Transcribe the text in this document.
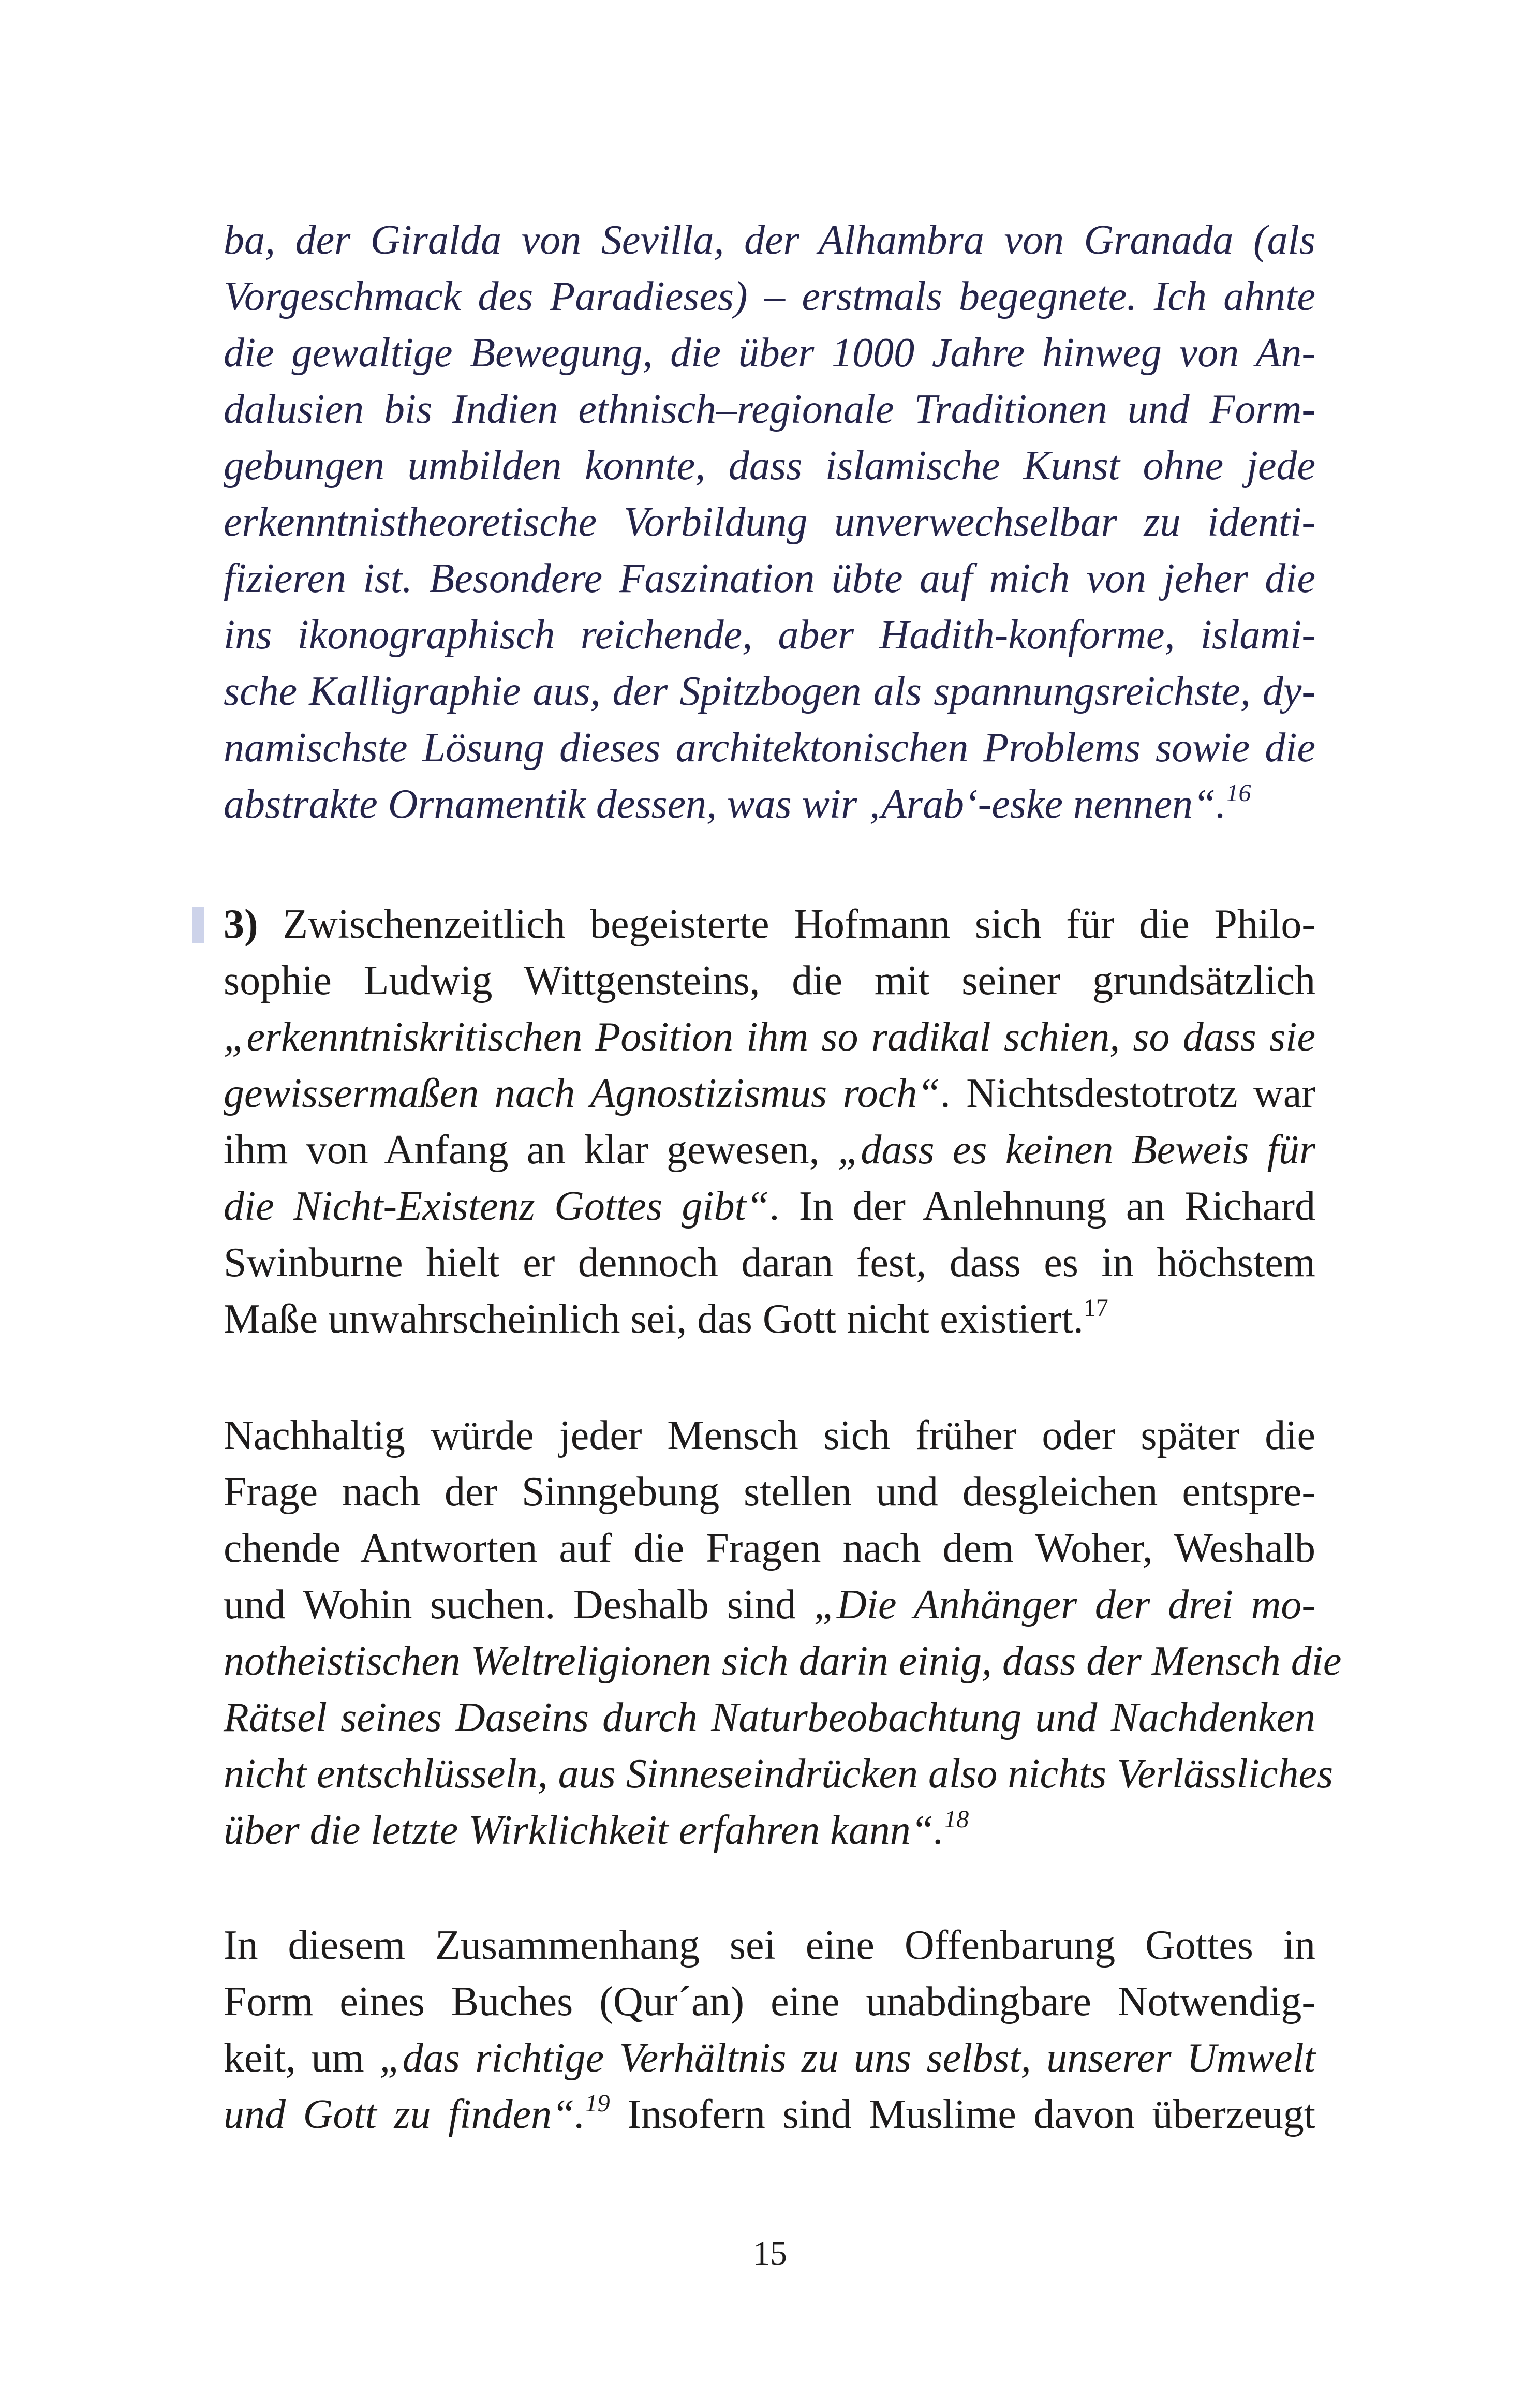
ba, der Giralda von Sevilla, der Alhambra von Granada (als
Vorgeschmack des Paradieses) – erstmals begegnete. Ich ahnte
die gewaltige Bewegung, die über 1000 Jahre hinweg von An-
dalusien bis Indien ethnisch–regionale Traditionen und Form-
gebungen umbilden konnte, dass islamische Kunst ohne jede
erkenntnistheoretische Vorbildung unverwechselbar zu identi-
fizieren ist. Besondere Faszination übte auf mich von jeher die
ins ikonographisch reichende, aber Hadith-konforme, islami-
sche Kalligraphie aus, der Spitzbogen als spannungsreichste, dy-
namischste Lösung dieses architektonischen Problems sowie die
abstrakte Ornamentik dessen, was wir ‚Arab‘-eske nennen“.$^{16}$
3) Zwischenzeitlich begeisterte Hofmann sich für die Philo-
sophie Ludwig Wittgensteins, die mit seiner grundsätzlich
„erkenntniskritischen Position ihm so radikal schien, so dass sie
gewissermaßen nach Agnostizismus roch“. Nichtsdestotrotz war
ihm von Anfang an klar gewesen, „dass es keinen Beweis für
die Nicht-Existenz Gottes gibt“. In der Anlehnung an Richard
Swinburne hielt er dennoch daran fest, dass es in höchstem
Maße unwahrscheinlich sei, das Gott nicht existiert.$^{17}$
Nachhaltig würde jeder Mensch sich früher oder später die
Frage nach der Sinngebung stellen und desgleichen entspre-
chende Antworten auf die Fragen nach dem Woher, Weshalb
und Wohin suchen. Deshalb sind „Die Anhänger der drei mo-
notheistischen Weltreligionen sich darin einig, dass der Mensch die
Rätsel seines Daseins durch Naturbeobachtung und Nachdenken
nicht entschlüsseln, aus Sinneseindrücken also nichts Verlässliches
über die letzte Wirklichkeit erfahren kann“.$^{18}$
In diesem Zusammenhang sei eine Offenbarung Gottes in
Form eines Buches (Qur´an) eine unabdingbare Notwendig-
keit, um „das richtige Verhältnis zu uns selbst, unserer Umwelt
und Gott zu finden“.$^{19}$ Insofern sind Muslime davon überzeugt
15
